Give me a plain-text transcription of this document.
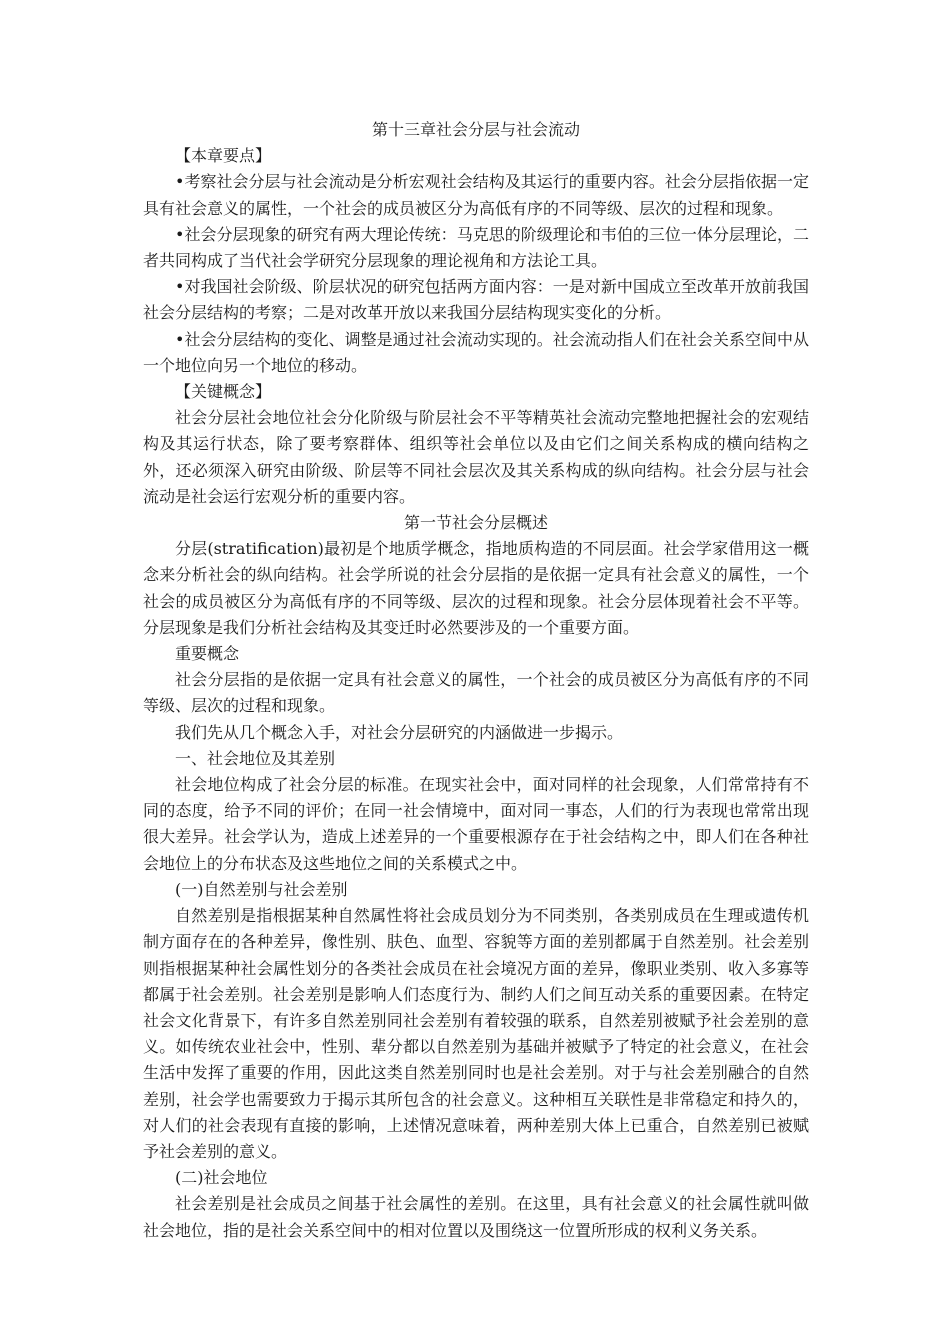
第十三章社会分层与社会流动

【本章要点】

•考察社会分层与社会流动是分析宏观社会结构及其运行的重要内容。社会分层指依据一定具有社会意义的属性，一个社会的成员被区分为高低有序的不同等级、层次的过程和现象。

•社会分层现象的研究有两大理论传统：马克思的阶级理论和韦伯的三位一体分层理论，二者共同构成了当代社会学研究分层现象的理论视角和方法论工具。

•对我国社会阶级、阶层状况的研究包括两方面内容：一是对新中国成立至改革开放前我国社会分层结构的考察；二是对改革开放以来我国分层结构现实变化的分析。

•社会分层结构的变化、调整是通过社会流动实现的。社会流动指人们在社会关系空间中从一个地位向另一个地位的移动。

【关键概念】

社会分层社会地位社会分化阶级与阶层社会不平等精英社会流动完整地把握社会的宏观结构及其运行状态，除了要考察群体、组织等社会单位以及由它们之间关系构成的横向结构之外，还必须深入研究由阶级、阶层等不同社会层次及其关系构成的纵向结构。社会分层与社会流动是社会运行宏观分析的重要内容。

第一节社会分层概述

分层(stratification)最初是个地质学概念，指地质构造的不同层面。社会学家借用这一概念来分析社会的纵向结构。社会学所说的社会分层指的是依据一定具有社会意义的属性，一个社会的成员被区分为高低有序的不同等级、层次的过程和现象。社会分层体现着社会不平等。分层现象是我们分析社会结构及其变迁时必然要涉及的一个重要方面。

重要概念

社会分层指的是依据一定具有社会意义的属性，一个社会的成员被区分为高低有序的不同等级、层次的过程和现象。

我们先从几个概念入手，对社会分层研究的内涵做进一步揭示。

一、社会地位及其差别

社会地位构成了社会分层的标准。在现实社会中，面对同样的社会现象，人们常常持有不同的态度，给予不同的评价；在同一社会情境中，面对同一事态，人们的行为表现也常常出现很大差异。社会学认为，造成上述差异的一个重要根源存在于社会结构之中，即人们在各种社会地位上的分布状态及这些地位之间的关系模式之中。

(一)自然差别与社会差别

自然差别是指根据某种自然属性将社会成员划分为不同类别，各类别成员在生理或遗传机制方面存在的各种差异，像性别、肤色、血型、容貌等方面的差别都属于自然差别。社会差别则指根据某种社会属性划分的各类社会成员在社会境况方面的差异，像职业类别、收入多寡等都属于社会差别。社会差别是影响人们态度行为、制约人们之间互动关系的重要因素。在特定社会文化背景下，有许多自然差别同社会差别有着较强的联系，自然差别被赋予社会差别的意义。如传统农业社会中，性别、辈分都以自然差别为基础并被赋予了特定的社会意义，在社会生活中发挥了重要的作用，因此这类自然差别同时也是社会差别。对于与社会差别融合的自然差别，社会学也需要致力于揭示其所包含的社会意义。这种相互关联性是非常稳定和持久的，对人们的社会表现有直接的影响，上述情况意味着，两种差别大体上已重合，自然差别已被赋予社会差别的意义。

(二)社会地位

社会差别是社会成员之间基于社会属性的差别。在这里，具有社会意义的社会属性就叫做社会地位，指的是社会关系空间中的相对位置以及围绕这一位置所形成的权利义务关系。
